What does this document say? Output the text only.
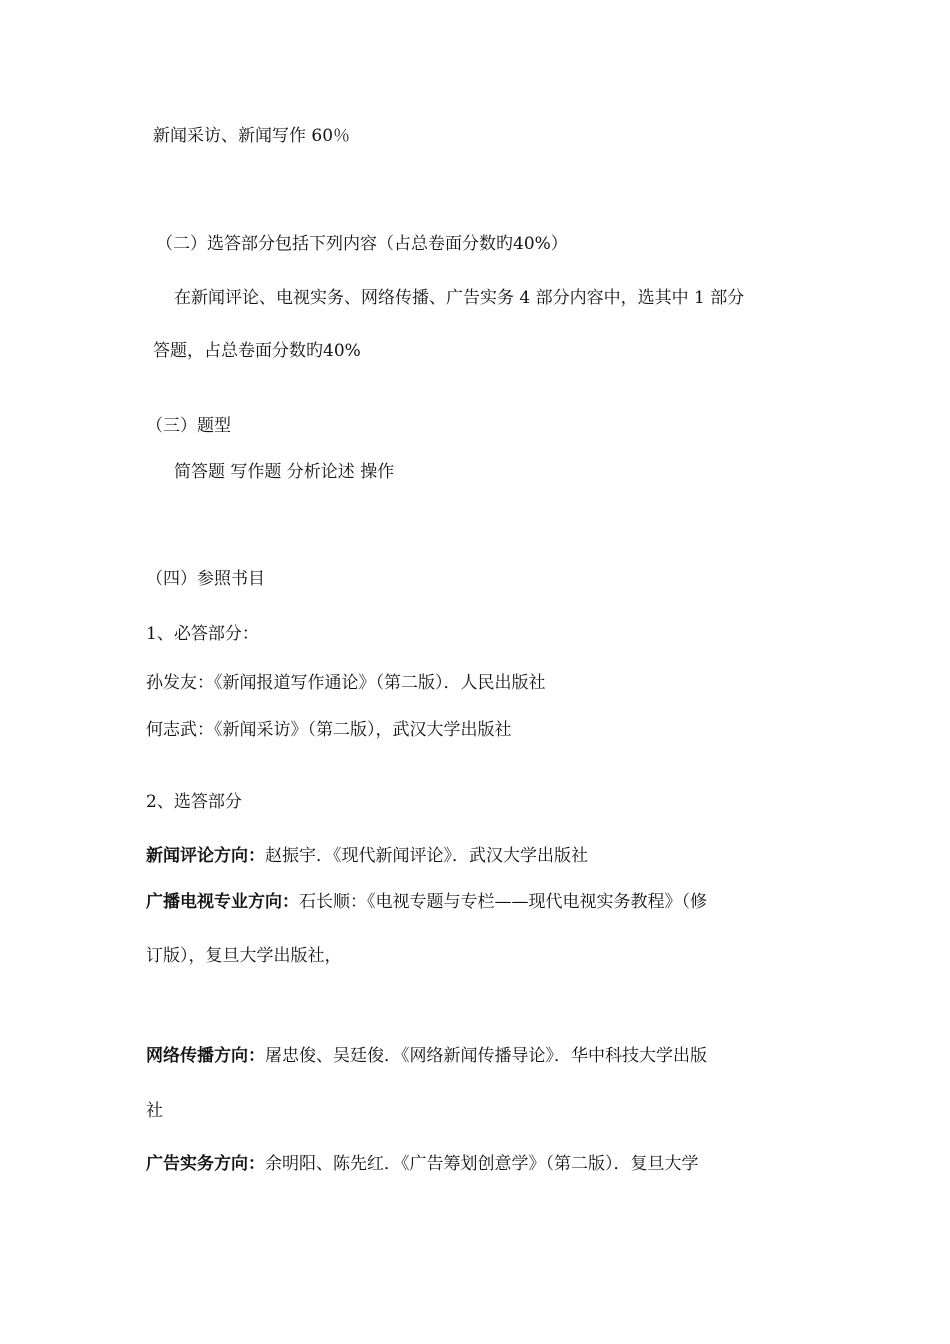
新闻采访、新闻写作 60％
（二）选答部分包括下列内容（占总卷面分数旳40%）
在新闻评论、电视实务、网络传播、广告实务 4 部分内容中，选其中 1 部分
答题，占总卷面分数旳40%
（三）题型
简答题 写作题 分析论述 操作
（四）参照书目
1、必答部分：
孙发友：《新闻报道写作通论》（第二版）．人民出版社
何志武：《新闻采访》（第二版），武汉大学出版社
2、选答部分
新闻评论方向：赵振宇．《现代新闻评论》．武汉大学出版社
广播电视专业方向：石长顺：《电视专题与专栏——现代电视实务教程》（修
订版），复旦大学出版社，
网络传播方向：屠忠俊、吴廷俊．《网络新闻传播导论》．华中科技大学出版
社
广告实务方向：余明阳、陈先红．《广告筹划创意学》（第二版）．复旦大学
